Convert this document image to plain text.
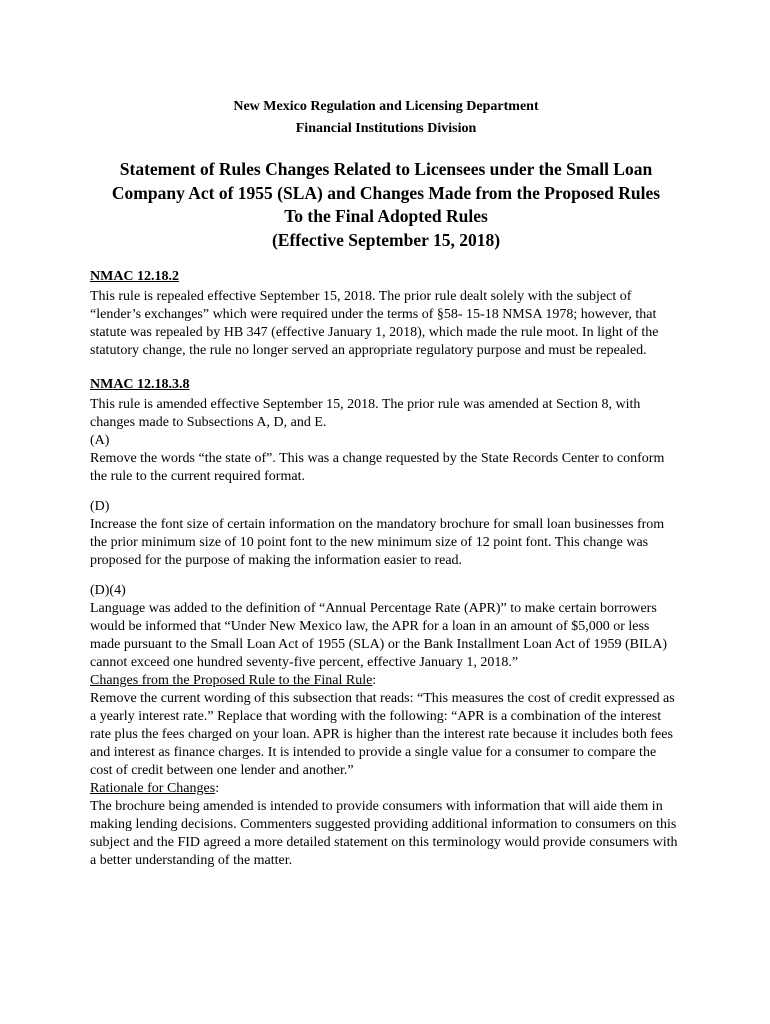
New Mexico Regulation and Licensing Department
Financial Institutions Division
Statement of Rules Changes Related to Licensees under the Small Loan
Company Act of 1955 (SLA) and Changes Made from the Proposed Rules
To the Final Adopted Rules
(Effective September 15, 2018)
NMAC 12.18.2
This rule is repealed effective September 15, 2018. The prior rule dealt solely with the subject of “lender’s exchanges” which were required under the terms of §58- 15-18 NMSA 1978; however, that statute was repealed by HB 347 (effective January 1, 2018), which made the rule moot. In light of the statutory change, the rule no longer served an appropriate regulatory purpose and must be repealed.
NMAC 12.18.3.8
This rule is amended effective September 15, 2018. The prior rule was amended at Section 8, with changes made to Subsections A, D, and E.
(A)
Remove the words “the state of”. This was a change requested by the State Records Center to conform the rule to the current required format.
(D)
Increase the font size of certain information on the mandatory brochure for small loan businesses from the prior minimum size of 10 point font to the new minimum size of 12 point font. This change was proposed for the purpose of making the information easier to read.
(D)(4)
Language was added to the definition of “Annual Percentage Rate (APR)” to make certain borrowers would be informed that “Under New Mexico law, the APR for a loan in an amount of $5,000 or less made pursuant to the Small Loan Act of 1955 (SLA) or the Bank Installment Loan Act of 1959 (BILA) cannot exceed one hundred seventy-five percent, effective January 1, 2018.”
Changes from the Proposed Rule to the Final Rule:
Remove the current wording of this subsection that reads: “This measures the cost of credit expressed as a yearly interest rate.” Replace that wording with the following: “APR is a combination of the interest rate plus the fees charged on your loan. APR is higher than the interest rate because it includes both fees and interest as finance charges. It is intended to provide a single value for a consumer to compare the cost of credit between one lender and another.”
Rationale for Changes:
The brochure being amended is intended to provide consumers with information that will aide them in making lending decisions. Commenters suggested providing additional information to consumers on this subject and the FID agreed a more detailed statement on this terminology would provide consumers with a better understanding of the matter.
